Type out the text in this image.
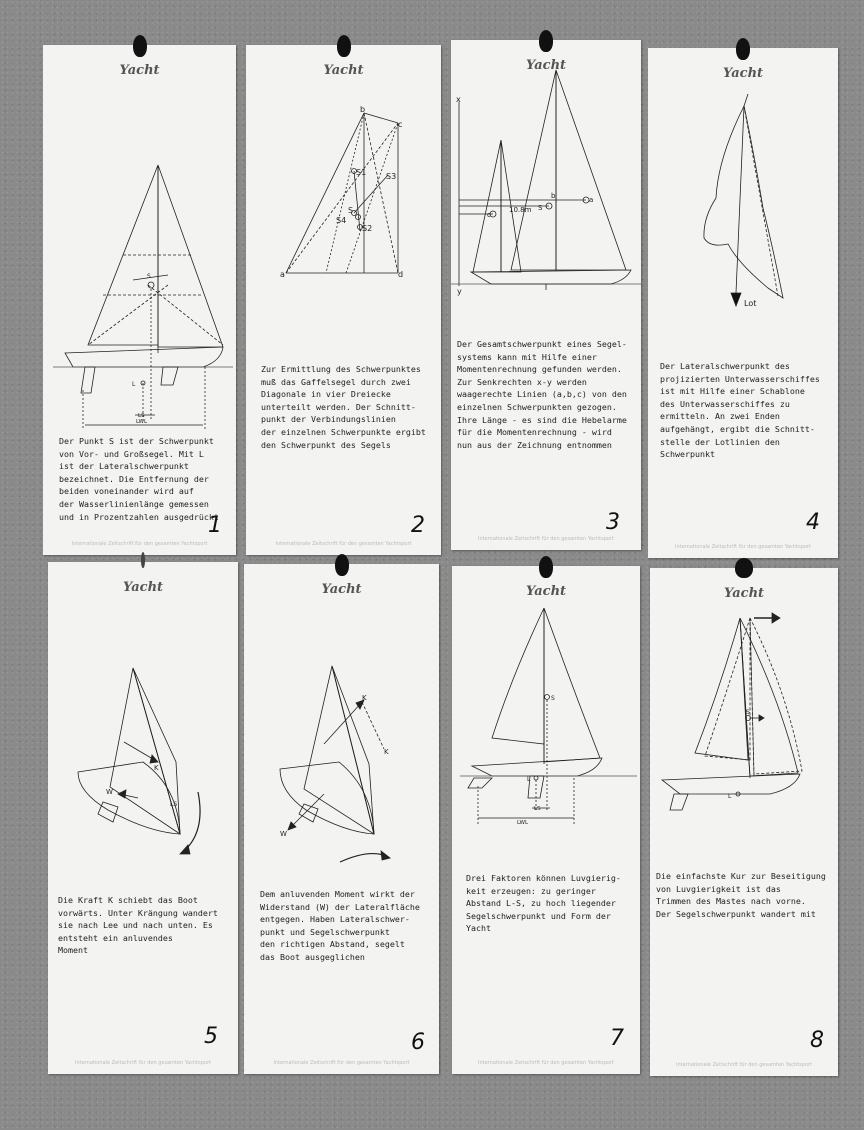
Yacht
S
L
LS
LWL

Der Punkt S ist der Schwerpunkt
von Vor- und Großsegel. Mit L
ist der Lateralschwerpunkt
bezeichnet. Die Entfernung der
beiden voneinander wird auf
der Wasserlinienlänge gemessen
und in Prozentzahlen ausgedrückt

1
Internationale Zeitschrift für den gesamten Yachtsport
Yacht
a
b
c
d
S1
S2
S3
S4
S

Zur Ermittlung des Schwerpunktes
muß das Gaffelsegel durch zwei
Diagonale in vier Dreiecke
unterteilt werden. Der Schnitt-
punkt der Verbindungslinien
der einzelnen Schwerpunkte ergibt
den Schwerpunkt des Segels

2
Internationale Zeitschrift für den gesamten Yachtsport
Yacht
x
y
a
b
c
S
10.8m

Der Gesamtschwerpunkt eines Segel-
systems kann mit Hilfe einer
Momentenrechnung gefunden werden.
Zur Senkrechten x-y werden
waagerechte Linien (a,b,c) von den
einzelnen Schwerpunkten gezogen.
Ihre Länge - es sind die Hebelarme
für die Momentenrechnung - wird
nun aus der Zeichnung entnommen

3
Internationale Zeitschrift für den gesamten Yachtsport
Yacht
Lot

Der Lateralschwerpunkt des
projizierten Unterwasserschiffes
ist mit Hilfe einer Schablone
des Unterwasserschiffes zu
ermitteln. An zwei Enden
aufgehängt, ergibt die Schnitt-
stelle der Lotlinien den
Schwerpunkt

4
Internationale Zeitschrift für den gesamten Yachtsport
Yacht
K
W
LS

Die Kraft K schiebt das Boot
vorwärts. Unter Krängung wandert
sie nach Lee und nach unten. Es
entsteht ein anluvendes
Moment

5
Internationale Zeitschrift für den gesamten Yachtsport
Yacht
K
K
W

Dem anluvenden Moment wirkt der
Widerstand (W) der Lateralfläche
entgegen. Haben Lateralschwer-
punkt und Segelschwerpunkt
den richtigen Abstand, segelt
das Boot ausgeglichen

6
Internationale Zeitschrift für den gesamten Yachtsport
Yacht
S
L
LS
LWL

Drei Faktoren können Luvgierig-
keit erzeugen: zu geringer
Abstand L-S, zu hoch liegender
Segelschwerpunkt und Form der
Yacht

7
Internationale Zeitschrift für den gesamten Yachtsport
Yacht
S
L

Die einfachste Kur zur Beseitigung
von Luvgierigkeit ist das
Trimmen des Mastes nach vorne.
Der Segelschwerpunkt wandert mit

8
Internationale Zeitschrift für den gesamten Yachtsport
